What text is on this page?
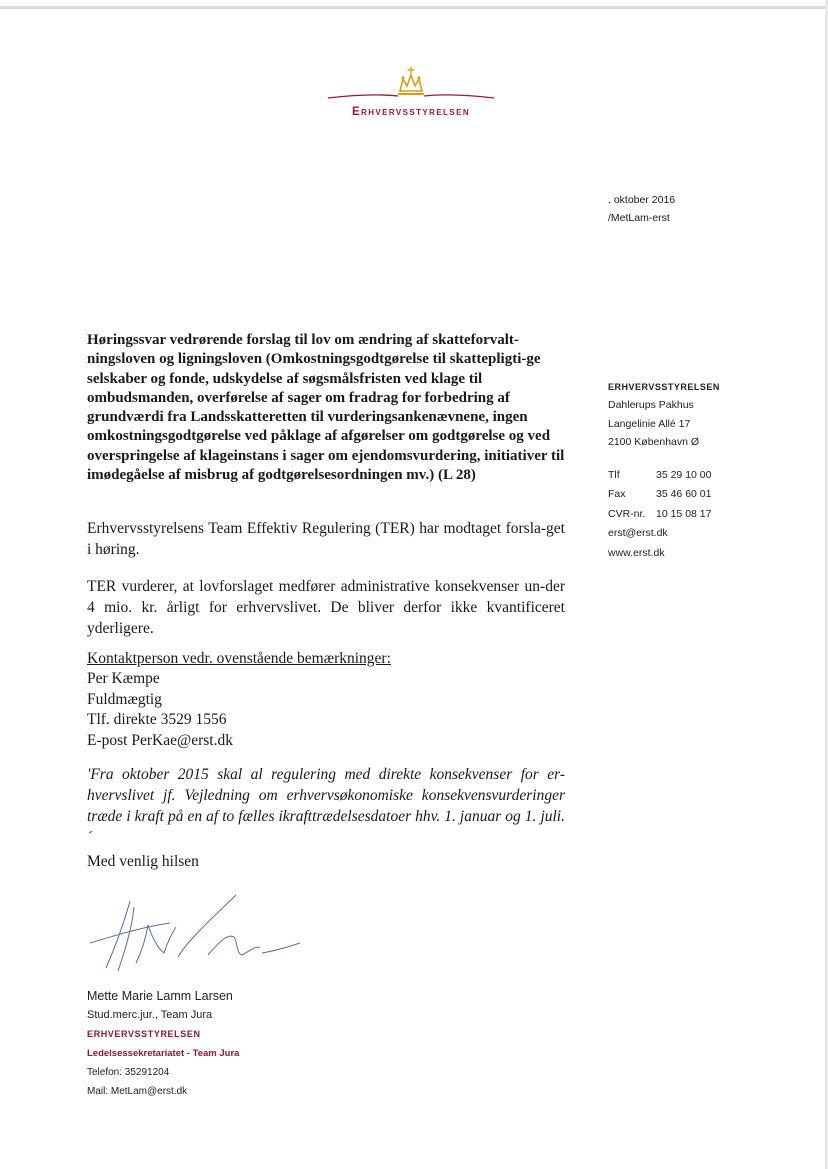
Erhvervsstyrelsen
. oktober 2016
/MetLam-erst
ERHVERVSSTYRELSEN
Dahlerups Pakhus
Langelinie Allé 17
2100 København Ø
Tlf	35 29 10 00
Fax	35 46 60 01
CVR-nr. 10 15 08 17
erst@erst.dk
www.erst.dk
Høringssvar vedrørende forslag til lov om ændring af skatteforvalt-ningsloven og ligningsloven (Omkostningsgodtgørelse til skattepligti-ge selskaber og fonde, udskydelse af søgsmålsfristen ved klage til ombudsmanden, overførelse af sager om fradrag for forbedring af grundværdi fra Landsskatteretten til vurderingsankenævnene, ingen omkostningsgodtgørelse ved påklage af afgørelser om godtgørelse og ved overspringelse af klageinstans i sager om ejendomsvurdering, initiativer til imødegåelse af misbrug af godtgørelsesordningen mv.) (L 28)
Erhvervsstyrelsens Team Effektiv Regulering (TER) har modtaget forsla-get i høring.
TER vurderer, at lovforslaget medfører administrative konsekvenser un-der 4 mio. kr. årligt for erhvervslivet. De bliver derfor ikke kvantificeret yderligere.
Kontaktperson vedr. ovenstående bemærkninger:
Per Kæmpe
Fuldmægtig
Tlf. direkte 3529 1556
E-post PerKae@erst.dk
'Fra oktober 2015 skal al regulering med direkte konsekvenser for er-hvervslivet jf. Vejledning om erhvervsøkonomiske konsekvensvurderinger træde i kraft på en af to fælles ikrafttrædelsesdatoer hhv. 1. januar og 1. juli.´
Med venlig hilsen
Mette Marie Lamm Larsen
Stud.merc.jur., Team Jura
ERHVERVSSTYRELSEN
Ledelsessekretariatet - Team Jura
Telefon: 35291204
Mail: MetLam@erst.dk
